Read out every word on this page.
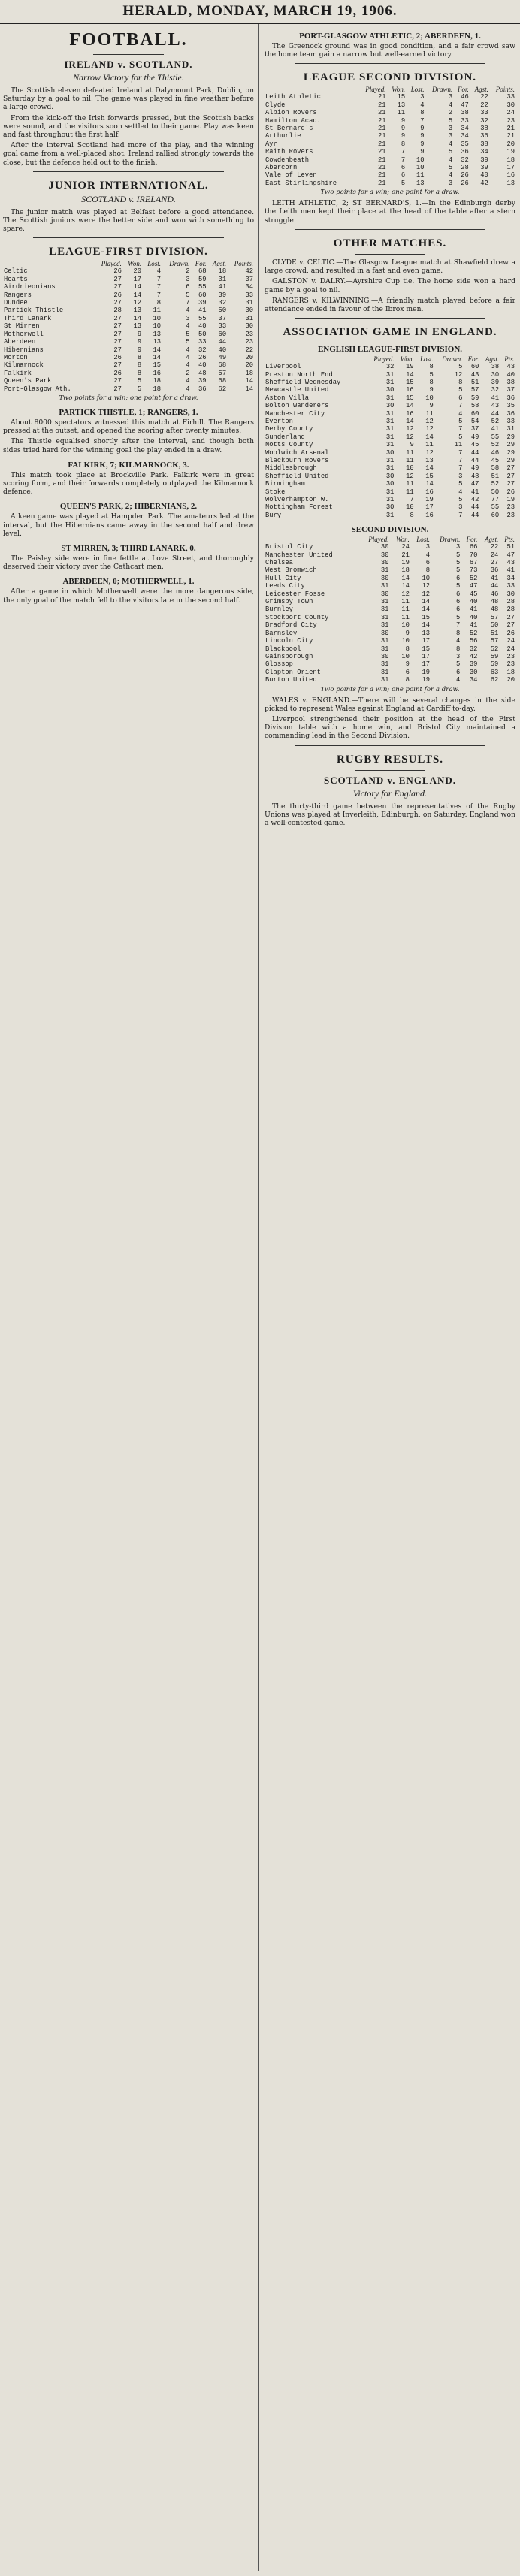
HERALD, MONDAY, MARCH 19, 1906.
FOOTBALL.
IRELAND v. SCOTLAND.
Narrow Victory for the Thistle.

The Scottish eleven defeated Ireland at Dalymount Park, Dublin, on Saturday by a goal to nil. The game was played in fine weather before a large crowd.

From the kick-off the Irish forwards pressed, but the Scottish backs were sound, and the visitors soon settled to their game. Play was keen and fast throughout the first half.

After the interval Scotland had more of the play, and the winning goal came from a well-placed shot. Ireland rallied strongly towards the close, but the defence held out to the finish.

JUNIOR INTERNATIONAL.
SCOTLAND v. IRELAND.

The junior match was played at Belfast before a good attendance. The Scottish juniors were the better side and won with something to spare.

LEAGUE-FIRST DIVISION.
	Played.	Won.	Lost.	Drawn.	For.	Agst.	Points.
Celtic	26	20	4	2	68	18	42
Hearts	27	17	7	3	59	31	37
Airdrieonians	27	14	7	6	55	41	34
Rangers	26	14	7	5	60	39	33
Dundee	27	12	8	7	39	32	31
Partick Thistle	28	13	11	4	41	50	30
Third Lanark	27	14	10	3	55	37	31
St Mirren	27	13	10	4	40	33	30
Motherwell	27	9	13	5	50	60	23
Aberdeen	27	9	13	5	33	44	23
Hibernians	27	9	14	4	32	40	22
Morton	26	8	14	4	26	49	20
Kilmarnock	27	8	15	4	40	68	20
Falkirk	26	8	16	2	48	57	18
Queen's Park	27	5	18	4	39	68	14
Port-Glasgow Ath.	27	5	18	4	36	62	14
Two points for a win; one point for a draw.
PARTICK THISTLE, 1; RANGERS, 1.

About 8000 spectators witnessed this match at Firhill. The Rangers pressed at the outset, and opened the scoring after twenty minutes.

The Thistle equalised shortly after the interval, and though both sides tried hard for the winning goal the play ended in a draw.

FALKIRK, 7; KILMARNOCK, 3.

This match took place at Brockville Park. Falkirk were in great scoring form, and their forwards completely outplayed the Kilmarnock defence.

QUEEN'S PARK, 2; HIBERNIANS, 2.

A keen game was played at Hampden Park. The amateurs led at the interval, but the Hibernians came away in the second half and drew level.

ST MIRREN, 3; THIRD LANARK, 0.

The Paisley side were in fine fettle at Love Street, and thoroughly deserved their victory over the Cathcart men.

ABERDEEN, 0; MOTHERWELL, 1.

After a game in which Motherwell were the more dangerous side, the only goal of the match fell to the visitors late in the second half.

PORT-GLASGOW ATHLETIC, 2; ABERDEEN, 1.

The Greenock ground was in good condition, and a fair crowd saw the home team gain a narrow but well-earned victory.

LEAGUE SECOND DIVISION.
	Played.	Won.	Lost.	Drawn.	For.	Agst.	Points.
Leith Athletic	21	15	3	3	46	22	33
Clyde	21	13	4	4	47	22	30
Albion Rovers	21	11	8	2	38	33	24
Hamilton Acad.	21	9	7	5	33	32	23
St Bernard's	21	9	9	3	34	38	21
Arthurlie	21	9	9	3	34	36	21
Ayr	21	8	9	4	35	38	20
Raith Rovers	21	7	9	5	36	34	19
Cowdenbeath	21	7	10	4	32	39	18
Abercorn	21	6	10	5	28	39	17
Vale of Leven	21	6	11	4	26	40	16
East Stirlingshire	21	5	13	3	26	42	13
Two points for a win; one point for a draw.

LEITH ATHLETIC, 2; ST BERNARD'S, 1.—In the Edinburgh derby the Leith men kept their place at the head of the table after a stern struggle.

OTHER MATCHES.

CLYDE v. CELTIC.—The Glasgow League match at Shawfield drew a large crowd, and resulted in a fast and even game.

GALSTON v. DALRY.—Ayrshire Cup tie. The home side won a hard game by a goal to nil.

RANGERS v. KILWINNING.—A friendly match played before a fair attendance ended in favour of the Ibrox men.

ASSOCIATION GAME IN ENGLAND.
ENGLISH LEAGUE-FIRST DIVISION.
	Played.	Won.	Lost.	Drawn.	For.	Agst.	Pts.
Liverpool	32	19	8	5	60	38	43
Preston North End	31	14	5	12	43	30	40
Sheffield Wednesday	31	15	8	8	51	39	38
Newcastle United	30	16	9	5	57	32	37
Aston Villa	31	15	10	6	59	41	36
Bolton Wanderers	30	14	9	7	58	43	35
Manchester City	31	16	11	4	60	44	36
Everton	31	14	12	5	54	52	33
Derby County	31	12	12	7	37	41	31
Sunderland	31	12	14	5	49	55	29
Notts County	31	9	11	11	45	52	29
Woolwich Arsenal	30	11	12	7	44	46	29
Blackburn Rovers	31	11	13	7	44	45	29
Middlesbrough	31	10	14	7	49	58	27
Sheffield United	30	12	15	3	48	51	27
Birmingham	30	11	14	5	47	52	27
Stoke	31	11	16	4	41	50	26
Wolverhampton W.	31	7	19	5	42	77	19
Nottingham Forest	30	10	17	3	44	55	23
Bury	31	8	16	7	44	60	23
SECOND DIVISION.
	Played.	Won.	Lost.	Drawn.	For.	Agst.	Pts.
Bristol City	30	24	3	3	66	22	51
Manchester United	30	21	4	5	70	24	47
Chelsea	30	19	6	5	67	27	43
West Bromwich	31	18	8	5	73	36	41
Hull City	30	14	10	6	52	41	34
Leeds City	31	14	12	5	47	44	33
Leicester Fosse	30	12	12	6	45	46	30
Grimsby Town	31	11	14	6	40	48	28
Burnley	31	11	14	6	41	48	28
Stockport County	31	11	15	5	40	57	27
Bradford City	31	10	14	7	41	50	27
Barnsley	30	9	13	8	52	51	26
Lincoln City	31	10	17	4	56	57	24
Blackpool	31	8	15	8	32	52	24
Gainsborough	30	10	17	3	42	59	23
Glossop	31	9	17	5	39	59	23
Clapton Orient	31	6	19	6	30	63	18
Burton United	31	8	19	4	34	62	20
Two points for a win; one point for a draw.

WALES v. ENGLAND.—There will be several changes in the side picked to represent Wales against England at Cardiff to-day.

Liverpool strengthened their position at the head of the First Division table with a home win, and Bristol City maintained a commanding lead in the Second Division.

RUGBY RESULTS.
SCOTLAND v. ENGLAND.
Victory for England.

The thirty-third game between the representatives of the Rugby Unions was played at Inverleith, Edinburgh, on Saturday. England won a well-contested game.
